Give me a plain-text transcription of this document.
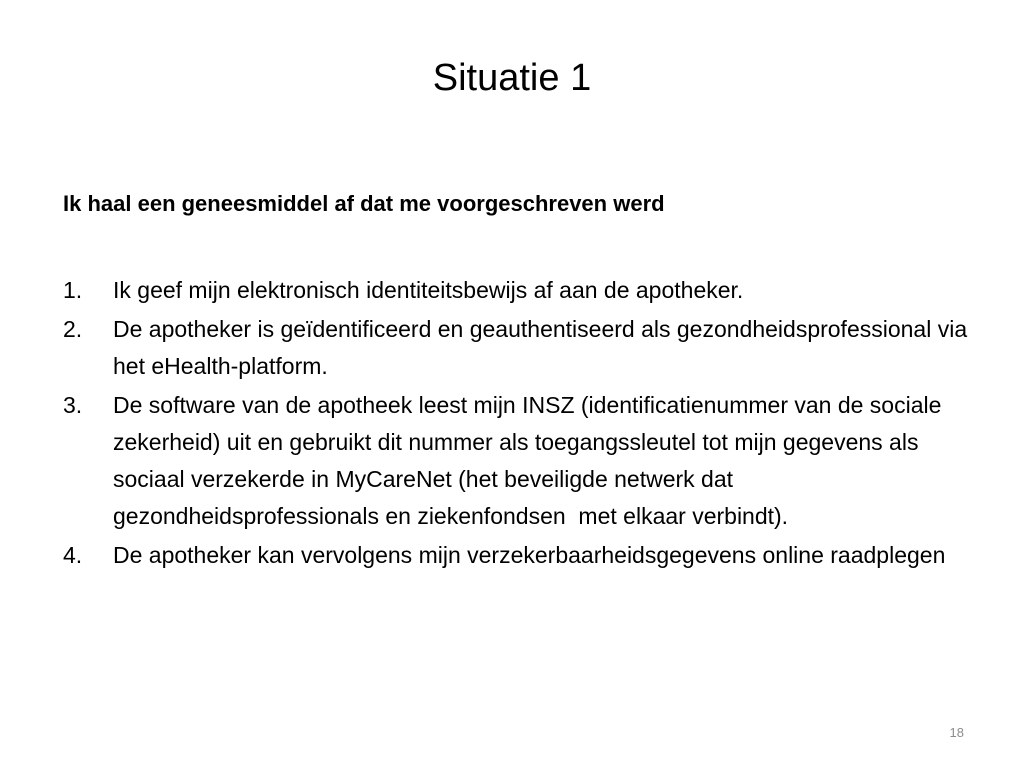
Situatie 1

Ik haal een geneesmiddel af dat me voorgeschreven werd

1.	Ik geef mijn elektronisch identiteitsbewijs af aan de apotheker.
2.	De apotheker is geïdentificeerd en geauthentiseerd als gezondheidsprofessional via het eHealth-platform.
3.	De software van de apotheek leest mijn INSZ (identificatienummer van de sociale zekerheid) uit en gebruikt dit nummer als toegangssleutel tot mijn gegevens als sociaal verzekerde in MyCareNet (het beveiligde netwerk dat gezondheidsprofessionals en ziekenfondsen  met elkaar verbindt).
4.	De apotheker kan vervolgens mijn verzekerbaarheidsgegevens online raadplegen
18
